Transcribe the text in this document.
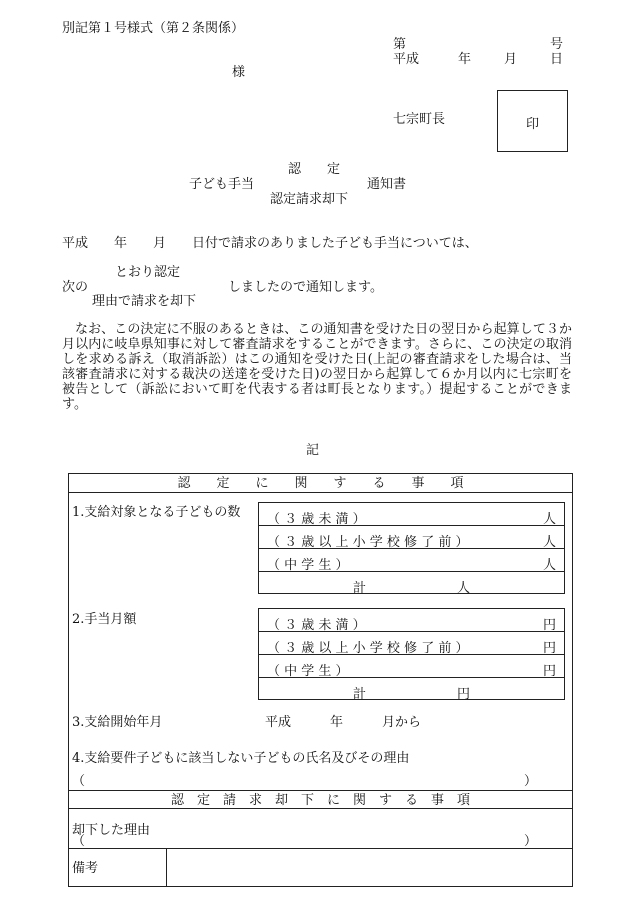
別記第１号様式（第２条関係）
第	号
平成	年	月	日
様
七宗町長	印
認　　定
子ども手当	通知書
認定請求却下
平成　　年　　月　　日付で請求のありました子ども手当については、
とおり認定
次の	しましたので通知します。
理由で請求を却下
なお、この決定に不服のあるときは、この通知書を受けた日の翌日から起算して３か月以内に岐阜県知事に対して審査請求をすることができます。さらに、この決定の取消しを求める訴え（取消訴訟）はこの通知を受けた日(上記の審査請求をした場合は、当該審査請求に対する裁決の送達を受けた日)の翌日から起算して６か月以内に七宗町を被告として（訴訟において町を代表する者は町長となります。）提起することができます。
記
認　　定　　に　　関　　す　　る　　事　　項
1.支給対象となる子どもの数 （ ３ 歳 未 満 ）	人
（ ３ 歳 以 上 小 学 校 修 了 前 ）	人
（ 中 学 生 ）	人
計　　　　　　　人
2.手当月額	（ ３ 歳 未 満 ）	円
（ ３ 歳 以 上 小 学 校 修 了 前 ）	円
（ 中 学 生 ）	円
計　　　　　　　円
3.支給開始年月	平成　　　年　　　月から
4.支給要件子どもに該当しない子どもの氏名及びその理由
（	）
認　定　請　求　却　下　に　関　す　る　事　項
却下した理由
（	）
備考
